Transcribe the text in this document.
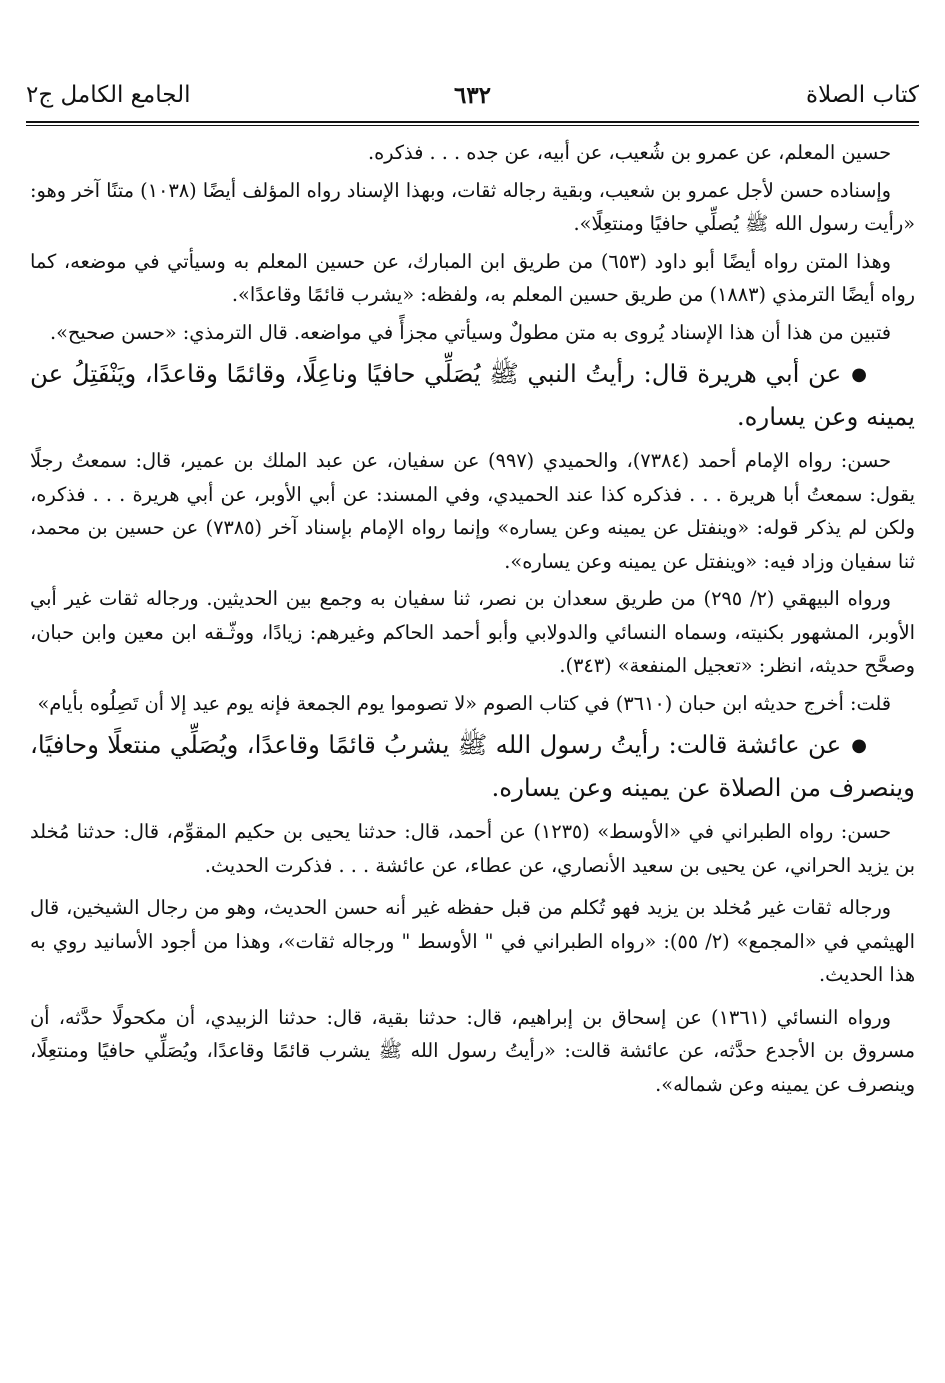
كتاب الصلاة
٦٣٢
الجامع الكامل ج٢

حسين المعلم، عن عمرو بن شُعيب، عن أبيه، عن جده . . . فذكره.

وإسناده حسن لأجل عمرو بن شعيب، وبقية رجاله ثقات، وبهذا الإسناد رواه المؤلف أيضًا (١٠٣٨) متنًا آخر وهو: «رأيت رسول الله ﷺ يُصلِّي حافيًا ومنتعِلًا».

وهذا المتن رواه أيضًا أبو داود (٦٥٣) من طريق ابن المبارك، عن حسين المعلم به وسيأتي في موضعه، كما رواه أيضًا الترمذي (١٨٨٣) من طريق حسين المعلم به، ولفظه: «يشرب قائمًا وقاعدًا».

فتبين من هذا أن هذا الإسناد يُروى به متن مطولٌ وسيأتي مجزأً في مواضعه. قال الترمذي: «حسن صحيح».

●عن أبي هريرة قال: رأيتُ النبي ﷺ يُصَلِّي حافيًا وناعِلًا، وقائمًا وقاعدًا، ويَنْفَتِلُ عن يمينه وعن يساره.

حسن: رواه الإمام أحمد (٧٣٨٤)، والحميدي (٩٩٧) عن سفيان، عن عبد الملك بن عمير، قال: سمعتُ رجلًا يقول: سمعتُ أبا هريرة . . . فذكره كذا عند الحميدي، وفي المسند: عن أبي الأوبر، عن أبي هريرة . . . فذكره، ولكن لم يذكر قوله: «وينفتل عن يمينه وعن يساره» وإنما رواه الإمام بإسناد آخر (٧٣٨٥) عن حسين بن محمد، ثنا سفيان وزاد فيه: «وينفتل عن يمينه وعن يساره».

ورواه البيهقي (٢/ ٢٩٥) من طريق سعدان بن نصر، ثنا سفيان به وجمع بين الحديثين. ورجاله ثقات غير أبي الأوبر، المشهور بكنيته، وسماه النسائي والدولابي وأبو أحمد الحاكم وغيرهم: زيادًا، ووثّـقه ابن معين وابن حبان، وصحَّح حديثه، انظر: «تعجيل المنفعة» (٣٤٣).

قلت: أخرج حديثه ابن حبان (٣٦١٠) في كتاب الصوم «لا تصوموا يوم الجمعة فإنه يوم عيد إلا أن تَصِلُوه بأيام»

●عن عائشة قالت: رأيتُ رسول الله ﷺ يشربُ قائمًا وقاعدًا، ويُصَلِّي منتعلًا وحافيًا، وينصرف من الصلاة عن يمينه وعن يساره.

حسن: رواه الطبراني في «الأوسط» (١٢٣٥) عن أحمد، قال: حدثنا يحيى بن حكيم المقوِّم، قال: حدثنا مُخلد بن يزيد الحراني، عن يحيى بن سعيد الأنصاري، عن عطاء، عن عائشة . . . فذكرت الحديث.

ورجاله ثقات غير مُخلد بن يزيد فهو تُكلم من قبل حفظه غير أنه حسن الحديث، وهو من رجال الشيخين، قال الهيثمي في «المجمع» (٢/ ٥٥): «رواه الطبراني في " الأوسط " ورجاله ثقات»، وهذا من أجود الأسانيد روي به هذا الحديث.

ورواه النسائي (١٣٦١) عن إسحاق بن إبراهيم، قال: حدثنا بقية، قال: حدثنا الزبيدي، أن مكحولًا حدَّثه، أن مسروق بن الأجدع حدَّثه، عن عائشة قالت: «رأيتُ رسول الله ﷺ يشرب قائمًا وقاعدًا، ويُصَلِّي حافيًا ومنتعِلًا، وينصرف عن يمينه وعن شماله».
